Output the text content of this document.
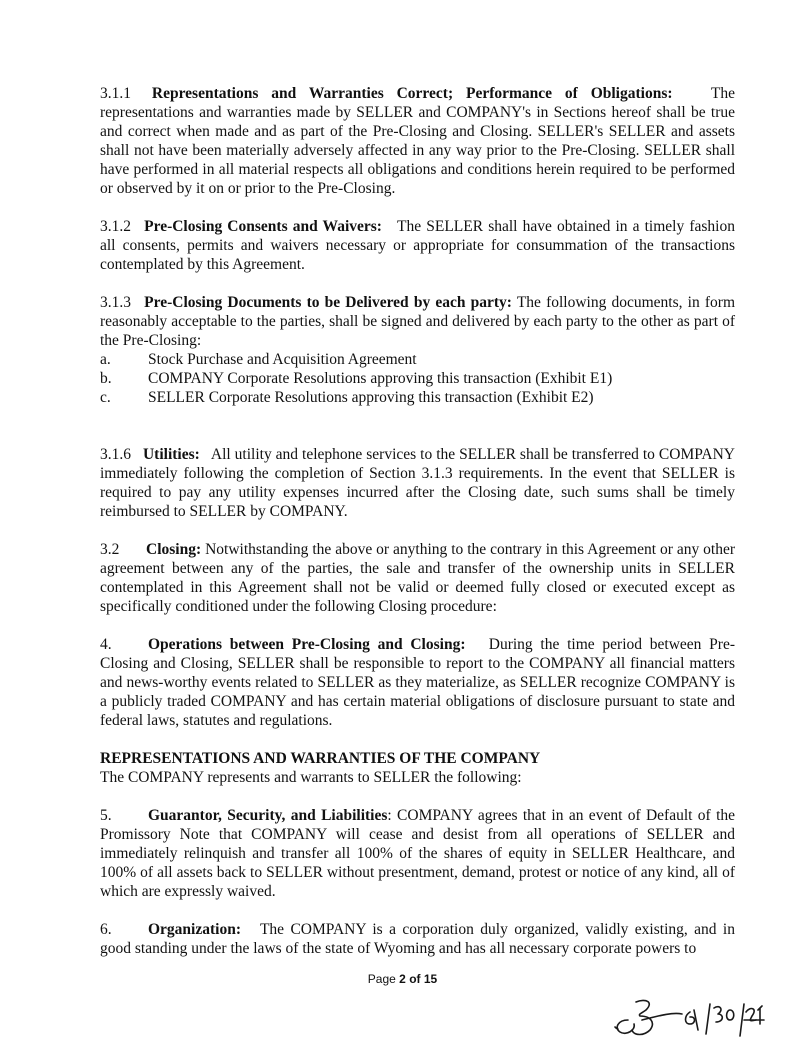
3.1.1 Representations and Warranties Correct; Performance of Obligations: The representations and warranties made by SELLER and COMPANY's in Sections hereof shall be true and correct when made and as part of the Pre-Closing and Closing. SELLER's SELLER and assets shall not have been materially adversely affected in any way prior to the Pre-Closing. SELLER shall have performed in all material respects all obligations and conditions herein required to be performed or observed by it on or prior to the Pre-Closing.

3.1.2 Pre-Closing Consents and Waivers: The SELLER shall have obtained in a timely fashion all consents, permits and waivers necessary or appropriate for consummation of the transactions contemplated by this Agreement.

3.1.3 Pre-Closing Documents to be Delivered by each party: The following documents, in form reasonably acceptable to the parties, shall be signed and delivered by each party to the other as part of the Pre-Closing:

a.	Stock Purchase and Acquisition Agreement
b.	COMPANY Corporate Resolutions approving this transaction (Exhibit E1)
c.	SELLER Corporate Resolutions approving this transaction (Exhibit E2)

3.1.6 Utilities: All utility and telephone services to the SELLER shall be transferred to COMPANY immediately following the completion of Section 3.1.3 requirements. In the event that SELLER is required to pay any utility expenses incurred after the Closing date, such sums shall be timely reimbursed to SELLER by COMPANY.

3.2 Closing: Notwithstanding the above or anything to the contrary in this Agreement or any other agreement between any of the parties, the sale and transfer of the ownership units in SELLER contemplated in this Agreement shall not be valid or deemed fully closed or executed except as specifically conditioned under the following Closing procedure:

4. Operations between Pre-Closing and Closing: During the time period between Pre-Closing and Closing, SELLER shall be responsible to report to the COMPANY all financial matters and news-worthy events related to SELLER as they materialize, as SELLER recognize COMPANY is a publicly traded COMPANY and has certain material obligations of disclosure pursuant to state and federal laws, statutes and regulations.

REPRESENTATIONS AND WARRANTIES OF THE COMPANY

The COMPANY represents and warrants to SELLER the following:

5. Guarantor, Security, and Liabilities: COMPANY agrees that in an event of Default of the Promissory Note that COMPANY will cease and desist from all operations of SELLER and immediately relinquish and transfer all 100% of the shares of equity in SELLER Healthcare, and 100% of all assets back to SELLER without presentment, demand, protest or notice of any kind, all of which are expressly waived.

6. Organization: The COMPANY is a corporation duly organized, validly existing, and in good standing under the laws of the state of Wyoming and has all necessary corporate powers to

Page 2 of 15
